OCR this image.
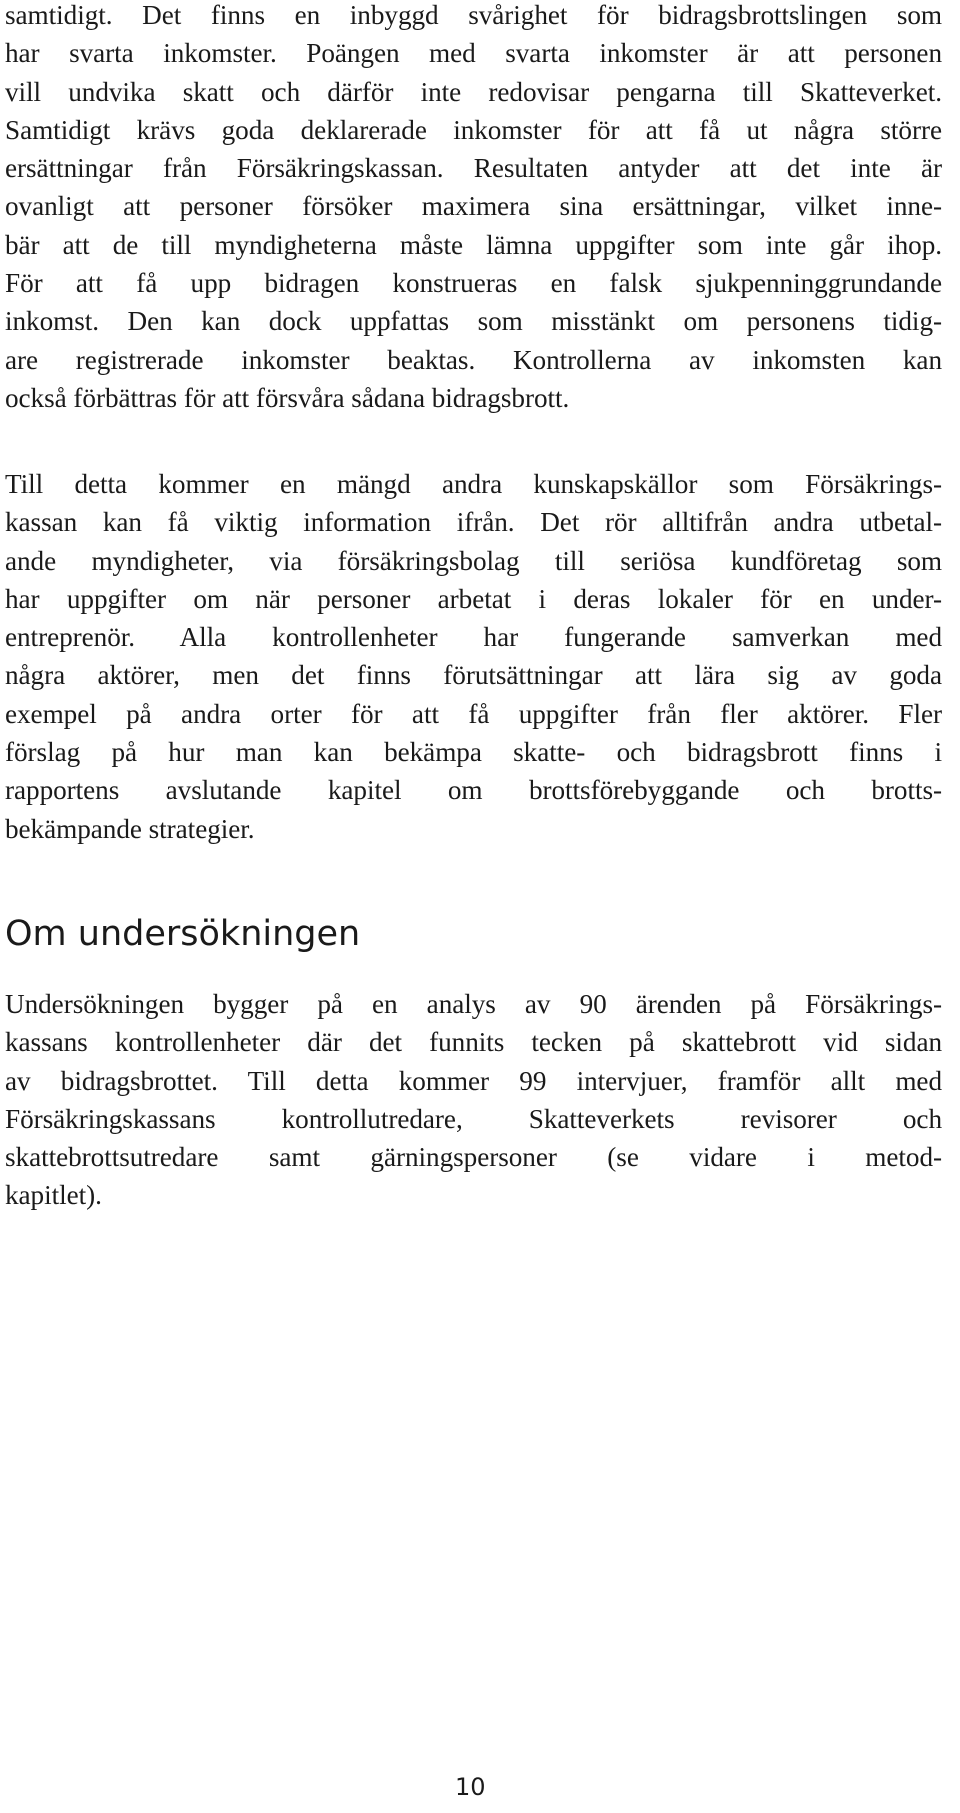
samtidigt. Det finns en inbyggd svårighet för bidragsbrottslingen som
har svarta inkomster. Poängen med svarta inkomster är att personen
vill undvika skatt och därför inte redovisar pengarna till Skatteverket.
Samtidigt krävs goda deklarerade inkomster för att få ut några större
ersättningar från Försäkringskassan. Resultaten antyder att det inte är
ovanligt att personer försöker maximera sina ersättningar, vilket inne-
bär att de till myndigheterna måste lämna uppgifter som inte går ihop.
För att få upp bidragen konstrueras en falsk sjukpenninggrundande
inkomst. Den kan dock uppfattas som misstänkt om personens tidig-
are registrerade inkomster beaktas. Kontrollerna av inkomsten kan
också förbättras för att försvåra sådana bidragsbrott.
Till detta kommer en mängd andra kunskapskällor som Försäkrings-
kassan kan få viktig information ifrån. Det rör alltifrån andra utbetal-
ande myndigheter, via försäkringsbolag till seriösa kundföretag som
har uppgifter om när personer arbetat i deras lokaler för en under-
entreprenör. Alla kontrollenheter har fungerande samverkan med
några aktörer, men det finns förutsättningar att lära sig av goda
exempel på andra orter för att få uppgifter från fler aktörer. Fler
förslag på hur man kan bekämpa skatte- och bidragsbrott finns i
rapportens avslutande kapitel om brottsförebyggande och brotts-
bekämpande strategier.
Om undersökningen
Undersökningen bygger på en analys av 90 ärenden på Försäkrings-
kassans kontrollenheter där det funnits tecken på skattebrott vid sidan
av bidragsbrottet. Till detta kommer 99 intervjuer, framför allt med
Försäkringskassans kontrollutredare, Skatteverkets revisorer och
skattebrottsutredare samt gärningspersoner (se vidare i metod-
kapitlet).
10
